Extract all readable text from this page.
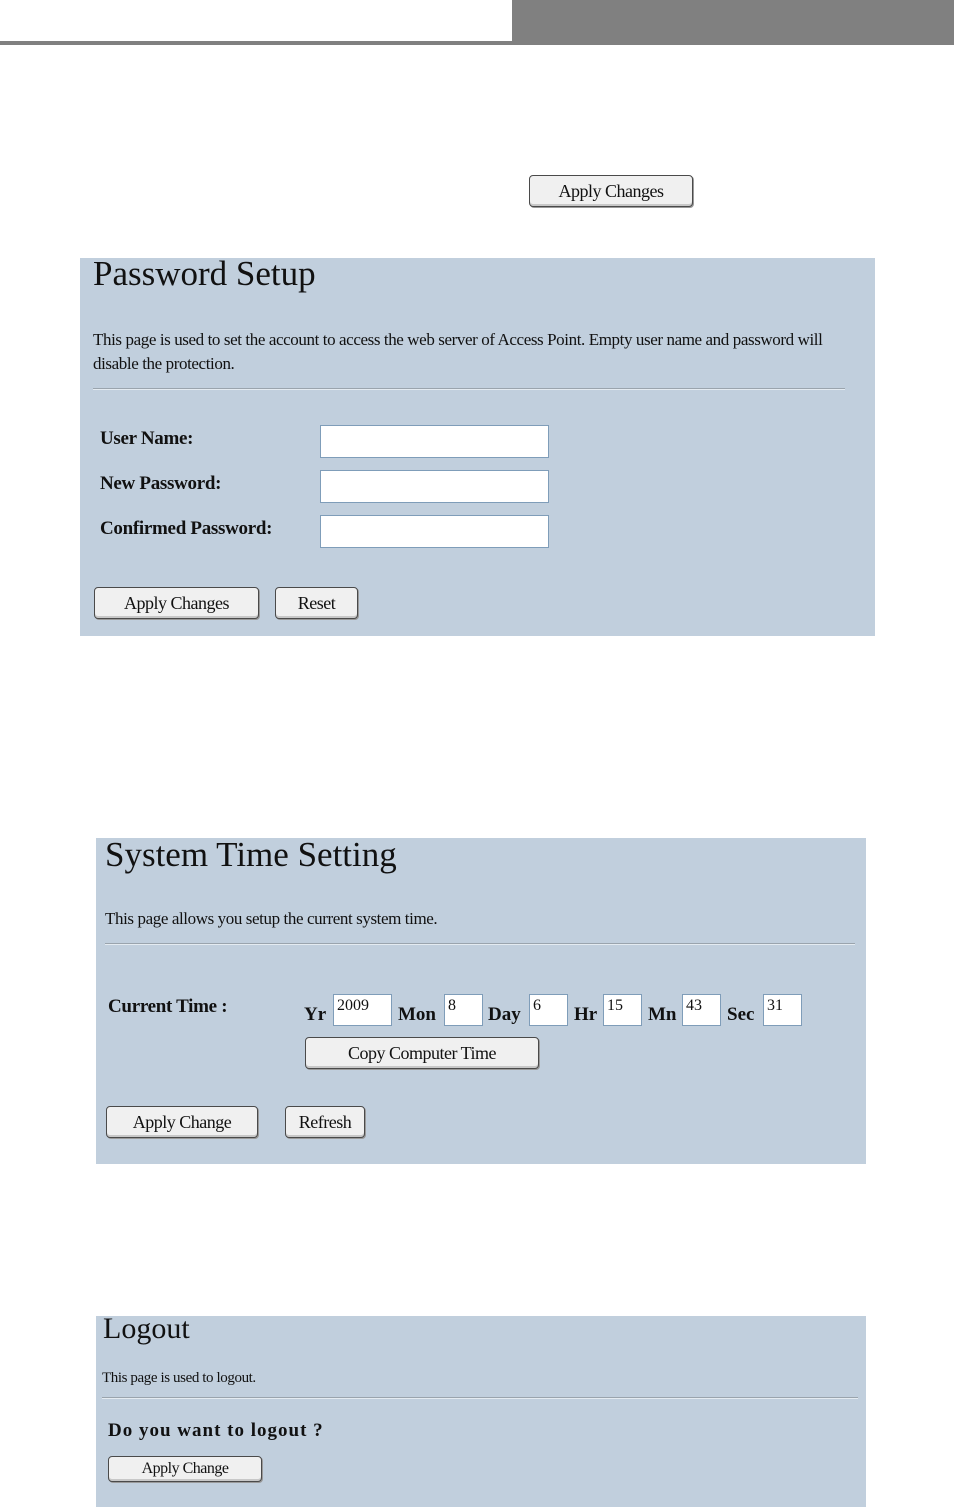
Apply Changes
Password Setup
This page is used to set the account to access the web server of Access Point. Empty user name and password will disable the protection.
User Name:
New Password:
Confirmed Password:
Apply Changes	Reset
System Time Setting
This page allows you setup the current system time.
Current Time :	Yr 2009	Mon 8	Day 6	Hr 15	Mn 43	Sec 31
Copy Computer Time
Apply Change	Refresh
Logout
This page is used to logout.
Do you want to logout ?
Apply Change
